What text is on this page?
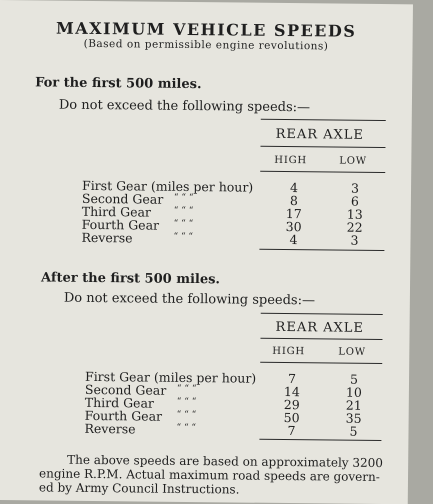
MAXIMUM VEHICLE SPEEDS
(Based on permissible engine revolutions)
For the first 500 miles.
Do not exceed the following speeds:—
REAR AXLE
HIGH	LOW
First Gear (miles per hour)	4	3
Second Gear “ “ “	8	6
Third Gear	“ “ “	17	13
Fourth Gear “ “ “	30	22
Reverse	“ “ “	4	3
After the first 500 miles.
Do not exceed the following speeds:—
REAR AXLE
HIGH	LOW
First Gear (miles per hour)	7	5
Second Gear “ “ “	14	10
Third Gear	“ “ “	29	21
Fourth Gear “ “ “	50	35
Reverse	“ “ “	7	5
The above speeds are based on approximately 3200
engine R.P.M. Actual maximum road speeds are govern-
ed by Army Council Instructions.
